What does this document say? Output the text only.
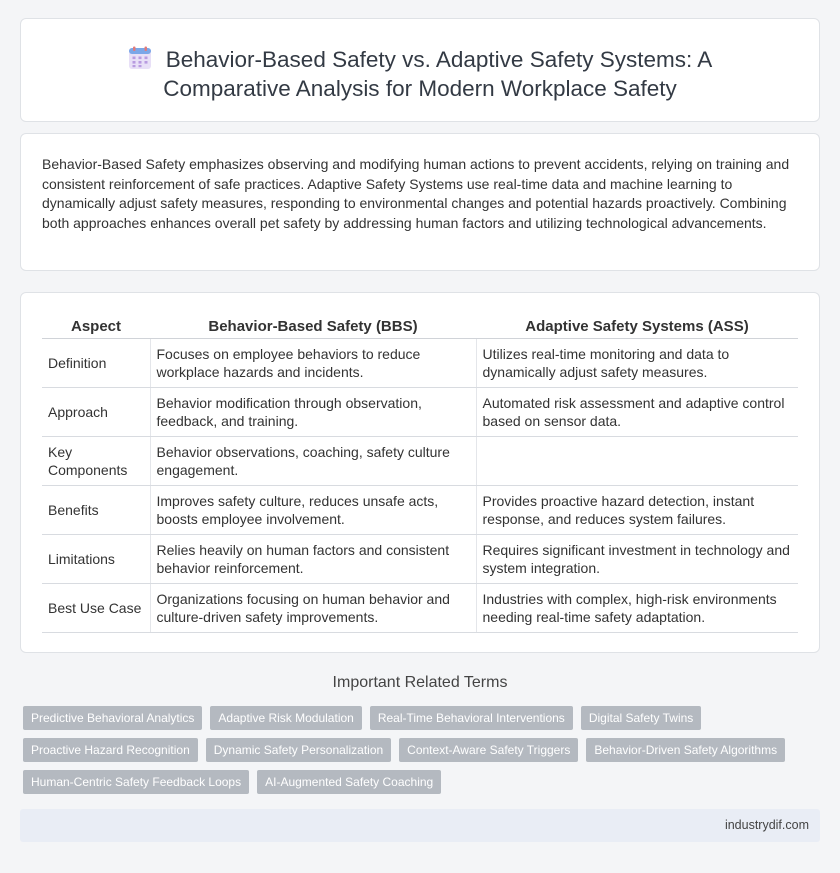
Behavior-Based Safety vs. Adaptive Safety Systems: A
Comparative Analysis for Modern Workplace Safety

Behavior-Based Safety emphasizes observing and modifying human actions to prevent accidents, relying on training and consistent reinforcement of safe practices. Adaptive Safety Systems use real-time data and machine learning to dynamically adjust safety measures, responding to environmental changes and potential hazards proactively. Combining both approaches enhances overall pet safety by addressing human factors and utilizing technological advancements.

Aspect	Behavior-Based Safety (BBS)	Adaptive Safety Systems (ASS)
Definition	Focuses on employee behaviors to reduce workplace hazards and incidents.	Utilizes real-time monitoring and data to dynamically adjust safety measures.
Approach	Behavior modification through observation, feedback, and training.	Automated risk assessment and adaptive control based on sensor data.
Key Components	Behavior observations, coaching, safety culture engagement.	
Benefits	Improves safety culture, reduces unsafe acts, boosts employee involvement.	Provides proactive hazard detection, instant response, and reduces system failures.
Limitations	Relies heavily on human factors and consistent behavior reinforcement.	Requires significant investment in technology and system integration.
Best Use Case	Organizations focusing on human behavior and culture-driven safety improvements.	Industries with complex, high-risk environments needing real-time safety adaptation.
Important Related Terms
Predictive Behavioral Analytics	Adaptive Risk Modulation	Real-Time Behavioral Interventions	Digital Safety Twins
Proactive Hazard Recognition	Dynamic Safety Personalization	Context-Aware Safety Triggers	Behavior-Driven Safety Algorithms
Human-Centric Safety Feedback Loops	AI-Augmented Safety Coaching
industrydif.com
